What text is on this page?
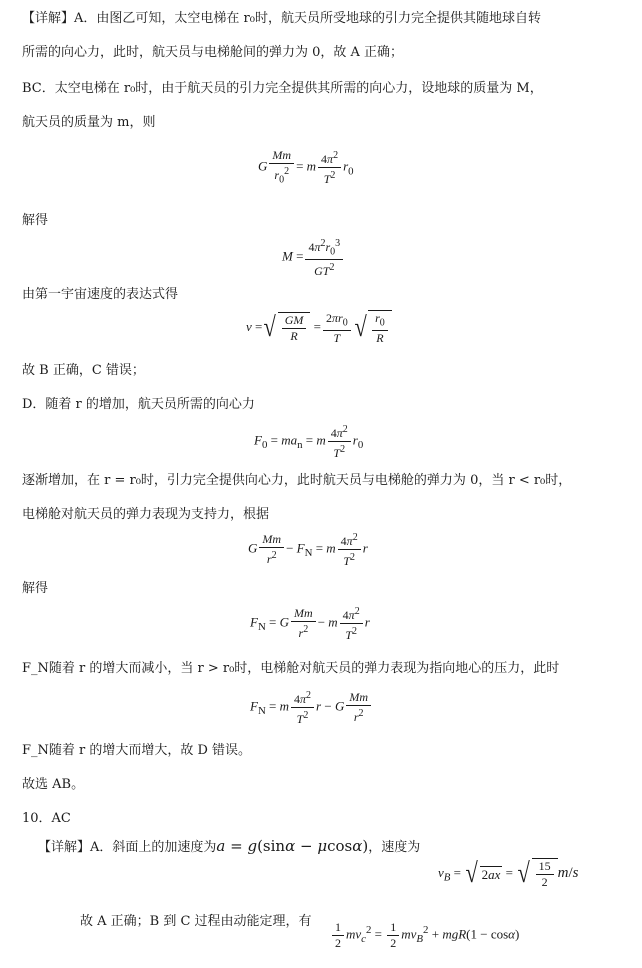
【详解】A．由图乙可知，太空电梯在 r₀时，航天员所受地球的引力完全提供其随地球自转
所需的向心力，此时，航天员与电梯舱间的弹力为 0，故 A 正确；
BC．太空电梯在 r₀时，由于航天员的引力完全提供其所需的向心力，设地球的质量为 M，
航天员的质量为 m，则
G $\frac{Mm}{r_0^2} = m \frac{4\pi^2}{T^2} r_0$
解得
$M = \frac{4\pi^2r_0^3}{GT^2}$
由第一宇宙速度的表达式得
v = √ $\frac{GM}{R} = \frac{2\pi r_0}{T}$ √ $\frac{r_0}{R}$
故 B 正确，C 错误；
D．随着 r 的增加，航天员所需的向心力
$F_0 = ma_n = m \frac{4\pi^2}{T^2} r_0$
逐渐增加，在 r = r₀时，引力完全提供向心力，此时航天员与电梯舱的弹力为 0，当 r < r₀时，
电梯舱对航天员的弹力表现为支持力，根据
G $\frac{Mm}{r^2} - F_N = m \frac{4\pi^2}{T^2}$ r
解得
$F_N = G \frac{Mm}{r^2} - m \frac{4\pi^2}{T^2}$ r
F_N随着 r 的增大而减小，当 r > r₀时，电梯舱对航天员的弹力表现为指向地心的压力，此时
$F_N = m \frac{4\pi^2}{T^2}$ r − G $\frac{Mm}{r^2}$
F_N随着 r 的增大而增大，故 D 错误。
故选 AB。
10．AC
【详解】A．斜面上的加速度为a = g(sinα − μcosα)，速度为
$v_B$ = √ 2 ax = √ $\frac{15}{2} m/s$
故 A 正确；B 到 C 过程由动能定理，有 $\frac{1}{2} mv_c^2 = \frac{1}{2} mv_B^2 + mgR(1 - \cos\alpha)$
